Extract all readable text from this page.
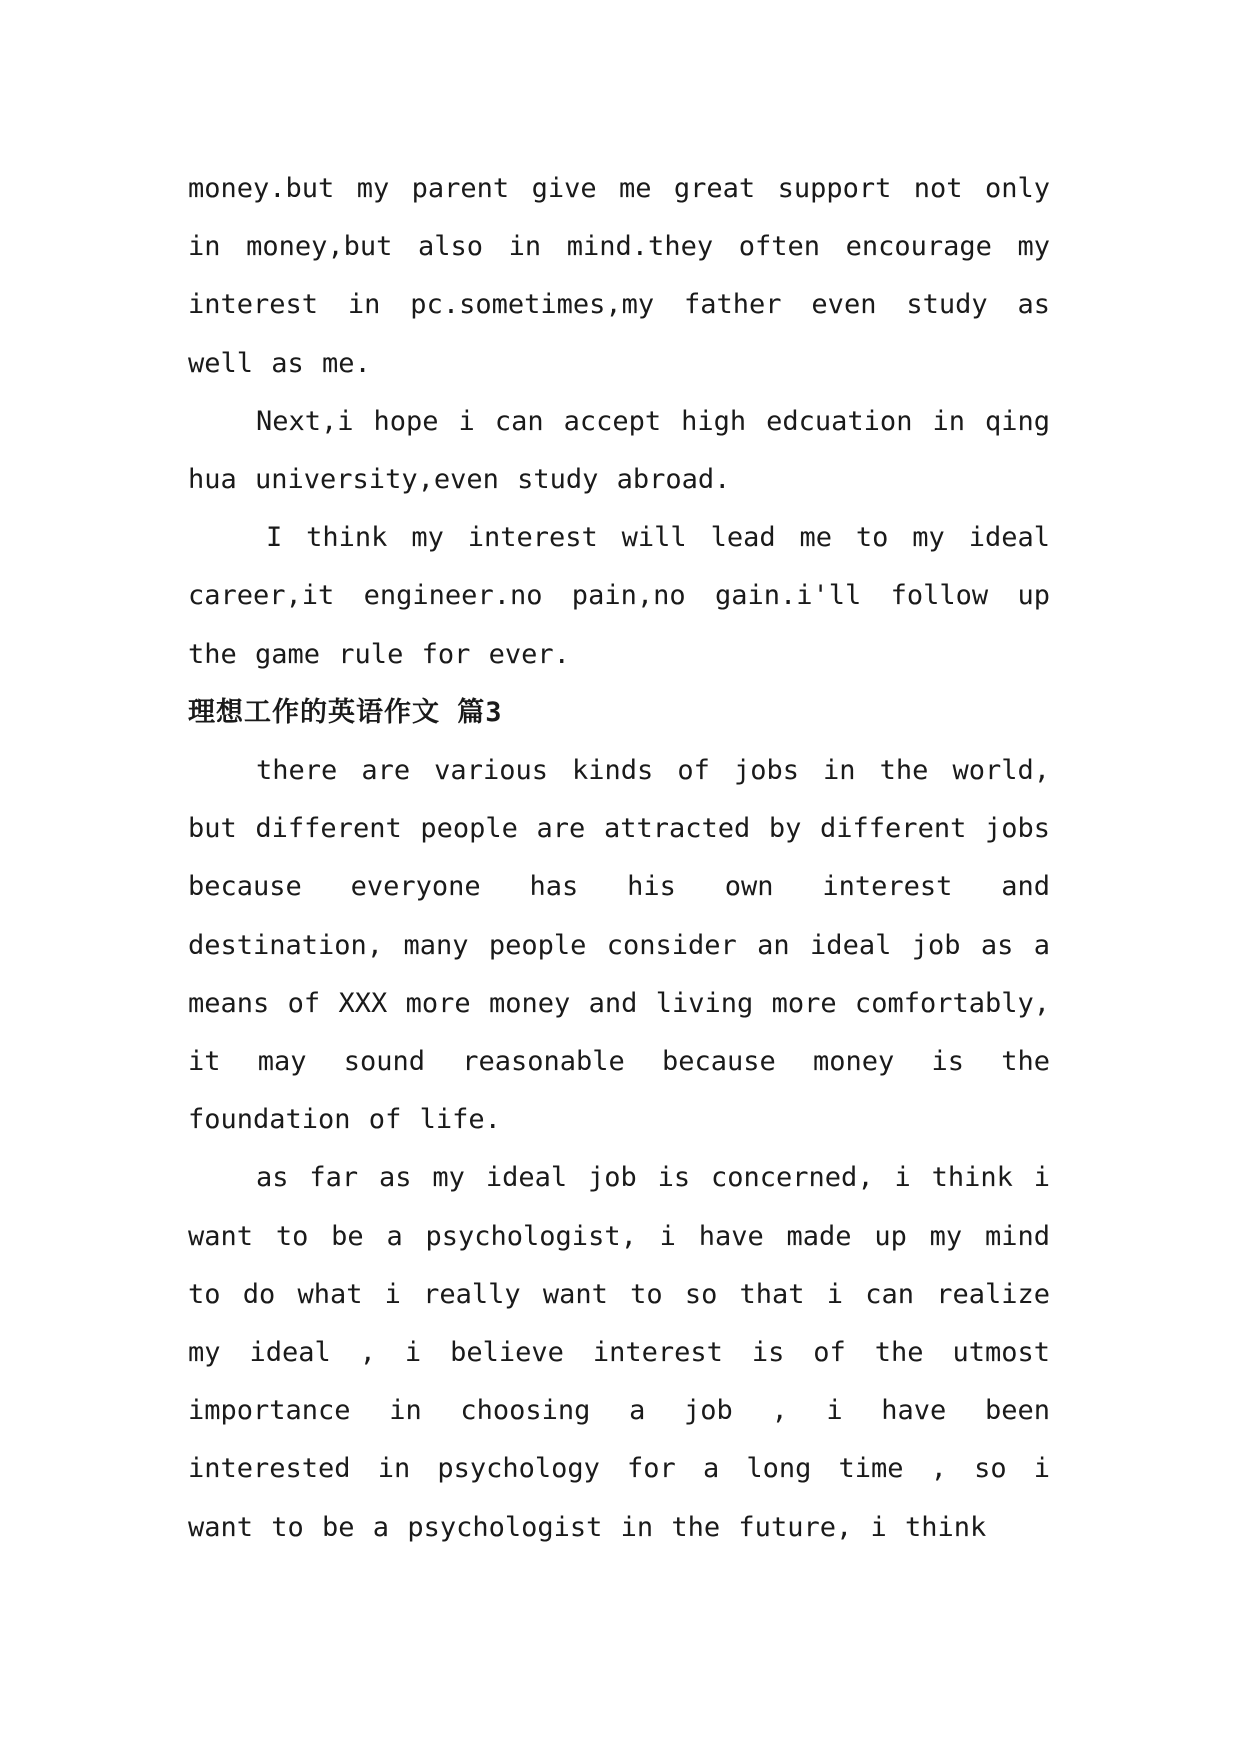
money.but my parent give me great support not only in money,but also in mind.they often encourage my interest in pc.sometimes,my father even study as well as me.

Next,i hope i can accept high edcuation in qing hua university,even study abroad.

I think my interest will lead me to my ideal career,it engineer.no pain,no gain.i'll follow up the game rule for ever.

理想工作的英语作文 篇3

there are various kinds of jobs in the world, but different people are attracted by different jobs because everyone has his own interest and destination, many people consider an ideal job as a means of XXX more money and living more comfortably, it may sound reasonable because money is the foundation of life.

as far as my ideal job is concerned, i think i want to be a psychologist, i have made up my mind to do what i really want to so that i can realize my ideal , i believe interest is of the utmost importance in choosing a job , i have been interested in psychology for a long time , so i want to be a psychologist in the future, i think
